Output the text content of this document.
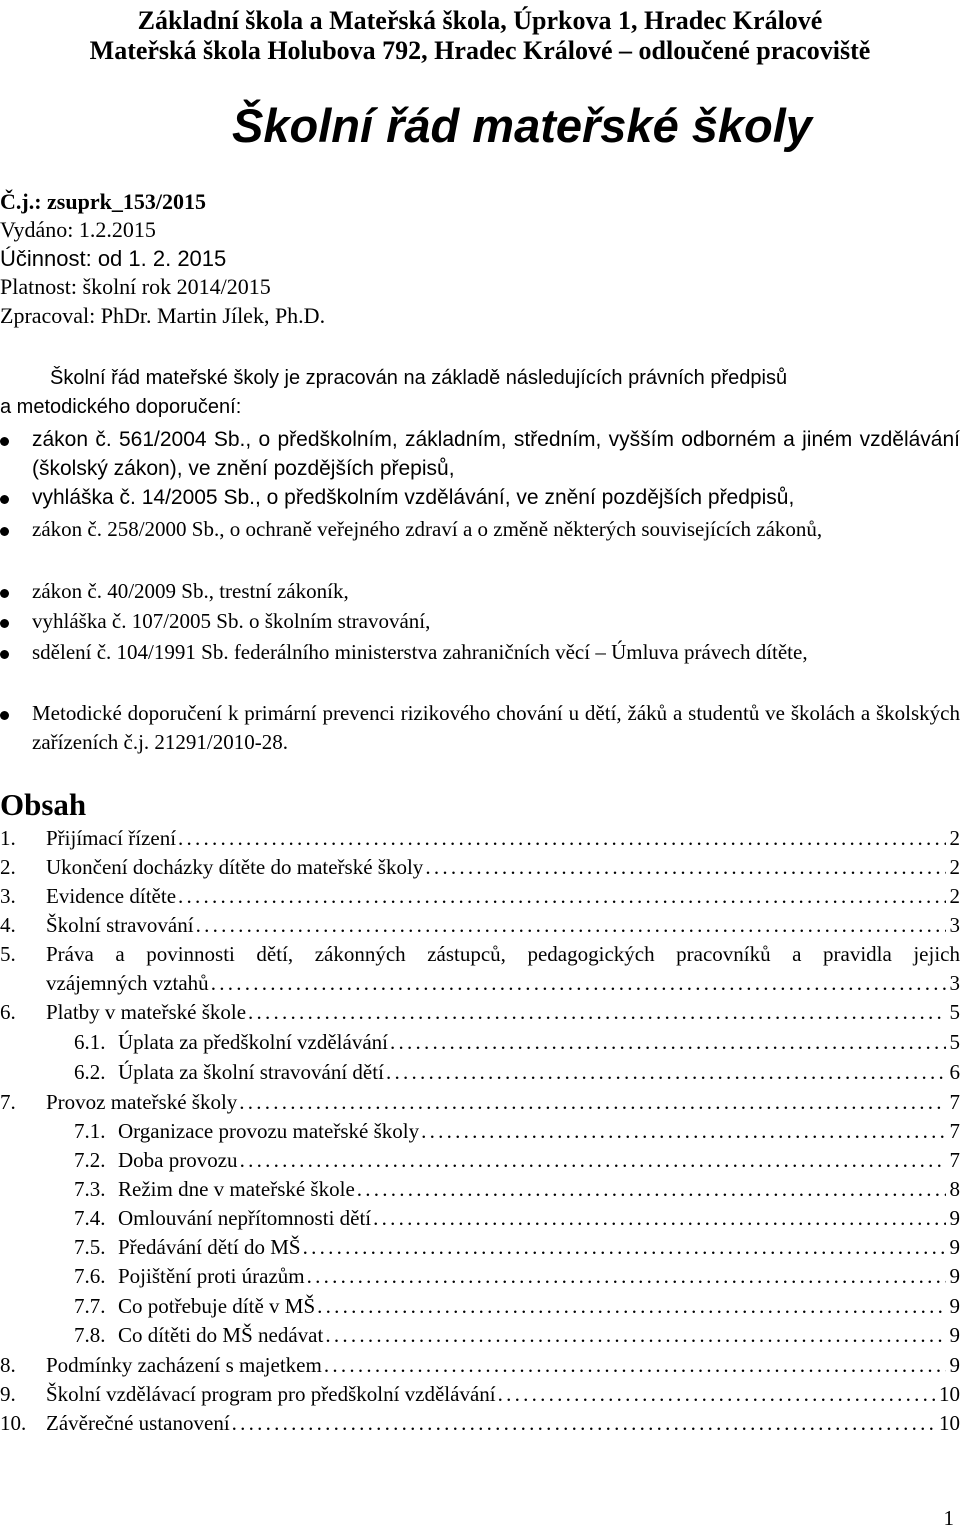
Základní škola a Mateřská škola, Úprkova 1, Hradec Králové
Mateřská škola Holubova 792, Hradec Králové – odloučené pracoviště
Školní řád mateřské školy
Č.j.: zsuprk_153/2015
Vydáno: 1.2.2015
Účinnost: od 1. 2. 2015
Platnost: školní rok 2014/2015
Zpracoval: PhDr. Martin Jílek, Ph.D.
Školní řád mateřské školy je zpracován na základě následujících právních předpisů
a metodického doporučení:
zákon č. 561/2004 Sb., o předškolním, základním, středním, vyšším odborném a jiném vzdělávání (školský zákon), ve znění pozdějších přepisů,
vyhláška č. 14/2005 Sb., o předškolním vzdělávání, ve znění pozdějších předpisů,
zákon č. 258/2000 Sb., o ochraně veřejného zdraví a o změně některých souvisejících zákonů,
zákon č. 40/2009 Sb., trestní zákoník,
vyhláška č. 107/2005 Sb. o školním stravování,
sdělení č. 104/1991 Sb. federálního ministerstva zahraničních věcí – Úmluva právech dítěte,
Metodické doporučení k primární prevenci rizikového chování u dětí, žáků a studentů ve školách a školských zařízeních č.j. 21291/2010-28.
Obsah
1. Přijímací řízení . . .	2
2. Ukončení docházky dítěte do mateřské školy . . .	2
3. Evidence dítěte . . .	2
4. Školní stravování . . .	3
5. Práva a povinnosti dětí, zákonných zástupců, pedagogických pracovníků a pravidla jejich
vzájemných vztahů . . .	3
6. Platby v mateřské škole . . .	5
6.1. Úplata za předškolní vzdělávání . . .	5
6.2. Úplata za školní stravování dětí . . .	6
7. Provoz mateřské školy . . .	7
7.1. Organizace provozu mateřské školy . . .	7
7.2. Doba provozu . . .	7
7.3. Režim dne v mateřské škole . . .	8
7.4. Omlouvání nepřítomnosti dětí . . .	9
7.5. Předávání dětí do MŠ . . .	9
7.6. Pojištění proti úrazům . . .	9
7.7. Co potřebuje dítě v MŠ . . .	9
7.8. Co dítěti do MŠ nedávat . . .	9
8. Podmínky zacházení s majetkem . . .	9
9. Školní vzdělávací program pro předškolní vzdělávání . . .	10
10. Závěrečné ustanovení . . .	10
1
